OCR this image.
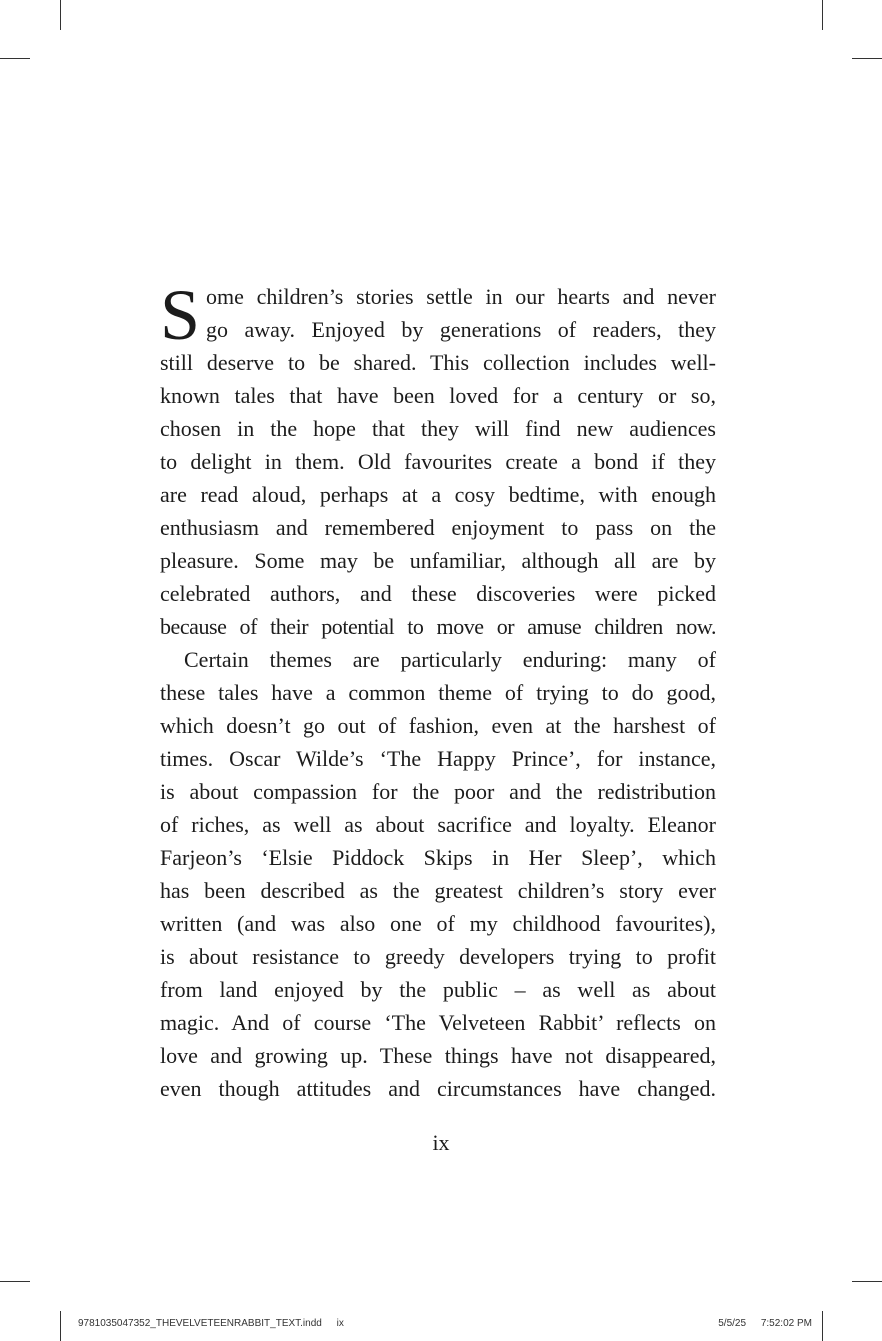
S ome children’s stories settle in our hearts and never
go away. Enjoyed by generations of readers, they
still deserve to be shared. This collection includes well-
known tales that have been loved for a century or so,
chosen in the hope that they will find new audiences
to delight in them. Old favourites create a bond if they
are read aloud, perhaps at a cosy bedtime, with enough
enthusiasm and remembered enjoyment to pass on the
pleasure. Some may be unfamiliar, although all are by
celebrated authors, and these discoveries were picked
because of their potential to move or amuse children now.
Certain themes are particularly enduring: many of
these tales have a common theme of trying to do good,
which doesn’t go out of fashion, even at the harshest of
times. Oscar Wilde’s ‘The Happy Prince’, for instance,
is about compassion for the poor and the redistribution
of riches, as well as about sacrifice and loyalty. Eleanor
Farjeon’s ‘Elsie Piddock Skips in Her Sleep’, which
has been described as the greatest children’s story ever
written (and was also one of my childhood favourites),
is about resistance to greedy developers trying to profit
from land enjoyed by the public – as well as about
magic. And of course ‘The Velveteen Rabbit’ reflects on
love and growing up. These things have not disappeared,
even though attitudes and circumstances have changed.
ix
9781035047352_THEVELVETEENRABBIT_TEXT.indd ix	5/5/25 7:52:02 PM
